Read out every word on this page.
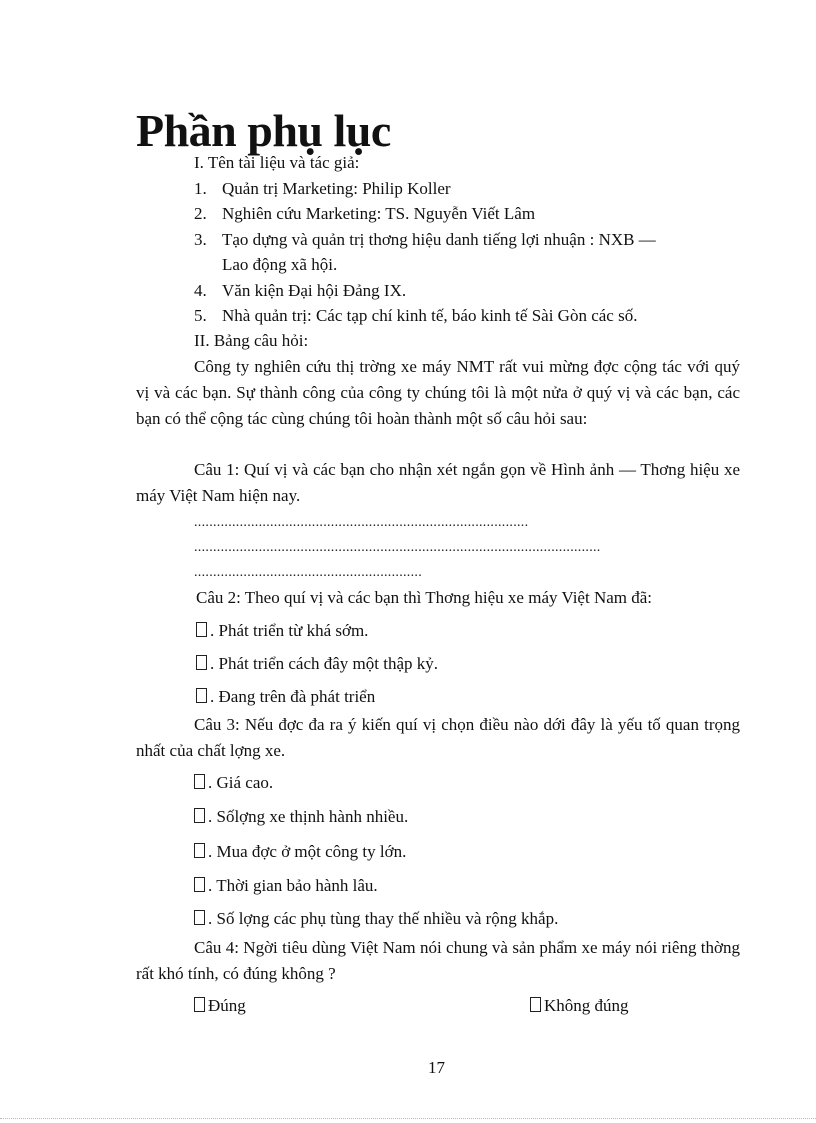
Phần phụ lục
I. Tên tài liệu và tác giả:
1. Quản trị Marketing: Philip Koller
2. Nghiên cứu Marketing: TS. Nguyễn Viết Lâm
3. Tạo dựng và quản trị thơng hiệu danh tiếng lợi nhuận : NXB —
Lao động xã hội.
4. Văn kiện Đại hội Đảng IX.
5. Nhà quản trị: Các tạp chí kinh tế, báo kinh tế Sài Gòn các số.
II. Bảng câu hỏi:
Công ty nghiên cứu thị trờng xe máy NMT rất vui mừng đợc cộng tác với quý vị và các bạn. Sự thành công của công ty chúng tôi là một nửa ở quý vị và các bạn, các bạn có thể cộng tác cùng chúng tôi hoàn thành một số câu hỏi sau:
Câu 1: Quí vị và các bạn cho nhận xét ngắn gọn về Hình ảnh — Thơng hiệu xe máy Việt Nam hiện nay.
........................................................................................
...........................................................................................................
............................................................
Câu 2: Theo quí vị và các bạn thì Thơng hiệu xe máy Việt Nam đã:
. Phát triển từ khá sớm.
. Phát triển cách đây một thập kỷ.
. Đang trên đà phát triển
Câu 3: Nếu đợc đa ra ý kiến quí vị chọn điều nào dới đây là yếu tố quan trọng nhất của chất lợng xe.
. Giá cao.
. Sốlợng xe thịnh hành nhiều.
. Mua đợc ở một công ty lớn.
. Thời gian bảo hành lâu.
. Số lợng các phụ tùng thay thế nhiều và rộng khắp.
Câu 4: Ngời tiêu dùng Việt Nam nói chung và sản phẩm xe máy nói riêng thờng rất khó tính, có đúng không ?
Đúng	Không đúng
17
